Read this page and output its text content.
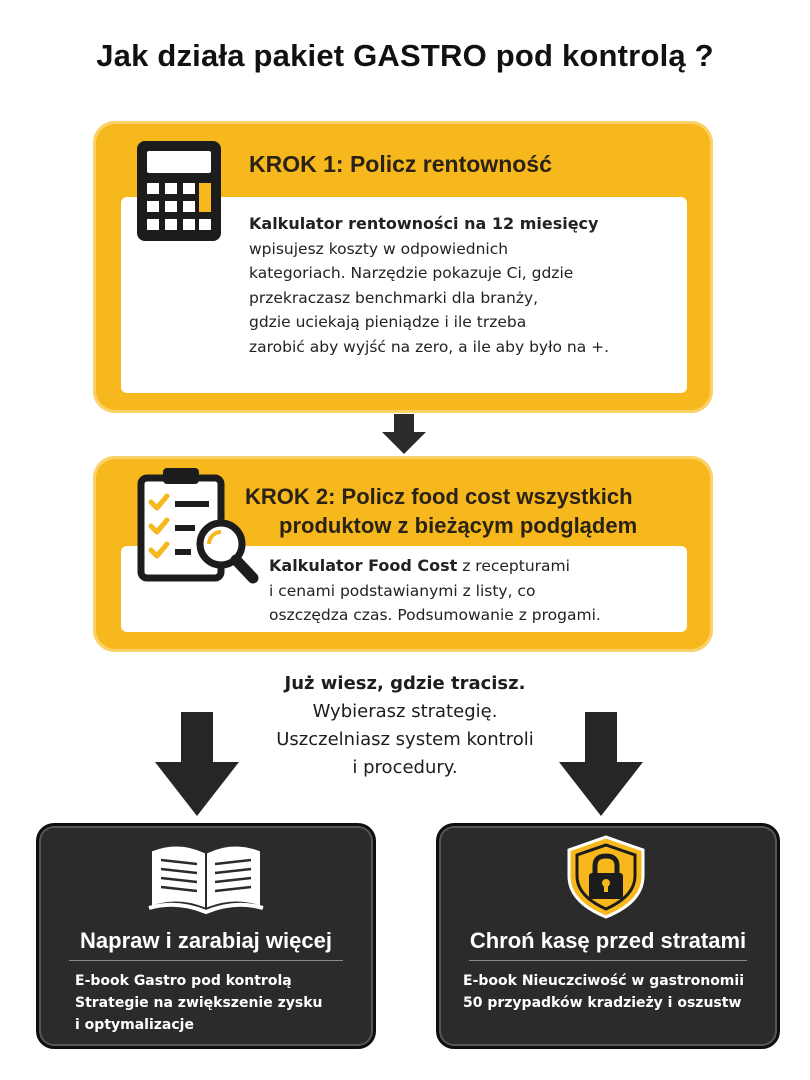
Jak działa pakiet GASTRO pod kontrolą ?
KROK 1: Policz rentowność
Kalkulator rentowności na 12 miesięcy
wpisujesz koszty w odpowiednich
kategoriach. Narzędzie pokazuje Ci, gdzie
przekraczasz benchmarki dla branży,
gdzie uciekają pieniądze i ile trzeba
zarobić aby wyjść na zero, a ile aby było na +.
KROK 2: Policz food cost wszystkich
produktow z bieżącym podglądem
Kalkulator Food Cost z recepturami
i cenami podstawianymi z listy, co
oszczędza czas. Podsumowanie z progami.
Już wiesz, gdzie tracisz.
Wybierasz strategię.
Uszczelniasz system kontroli
i procedury.
Napraw i zarabiaj więcej
E-book Gastro pod kontrolą
Strategie na zwiększenie zysku
i optymalizacje
Chroń kasę przed stratami
E-book Nieuczciwość w gastronomii
50 przypadków kradzieży i oszustw
